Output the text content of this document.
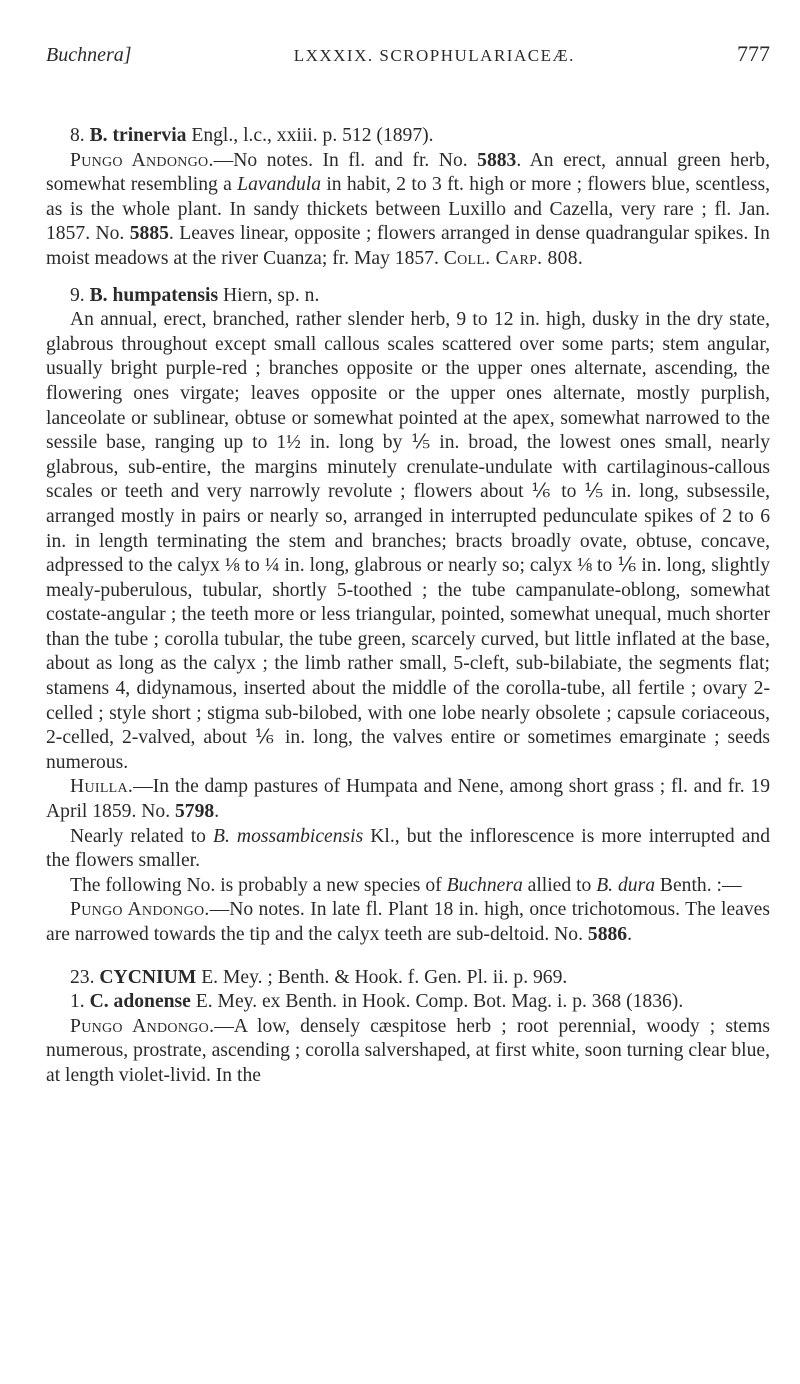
Buchnera]	LXXXIX. SCROPHULARIACEÆ.	777

8. B. trinervia Engl., l.c., xxiii. p. 512 (1897).

Pungo Andongo.—No notes. In fl. and fr. No. 5883. An erect, annual green herb, somewhat resembling a Lavandula in habit, 2 to 3 ft. high or more ; flowers blue, scentless, as is the whole plant. In sandy thickets between Luxillo and Cazella, very rare ; fl. Jan. 1857. No. 5885. Leaves linear, opposite ; flowers arranged in dense quadrangular spikes. In moist meadows at the river Cuanza; fr. May 1857. Coll. Carp. 808.

9. B. humpatensis Hiern, sp. n.

An annual, erect, branched, rather slender herb, 9 to 12 in. high, dusky in the dry state, glabrous throughout except small callous scales scattered over some parts; stem angular, usually bright purple-red ; branches opposite or the upper ones alternate, ascending, the flowering ones virgate; leaves opposite or the upper ones alternate, mostly purplish, lanceolate or sublinear, obtuse or somewhat pointed at the apex, somewhat narrowed to the sessile base, ranging up to 1½ in. long by ⅕ in. broad, the lowest ones small, nearly glabrous, sub-entire, the margins minutely crenulate-undulate with cartilaginous-callous scales or teeth and very narrowly revolute ; flowers about ⅙ to ⅕ in. long, subsessile, arranged mostly in pairs or nearly so, arranged in interrupted pedunculate spikes of 2 to 6 in. in length terminating the stem and branches; bracts broadly ovate, obtuse, concave, adpressed to the calyx ⅛ to ¼ in. long, glabrous or nearly so; calyx ⅛ to ⅙ in. long, slightly mealy-puberulous, tubular, shortly 5-toothed ; the tube campanulate-oblong, somewhat costate-angular ; the teeth more or less triangular, pointed, somewhat unequal, much shorter than the tube ; corolla tubular, the tube green, scarcely curved, but little inflated at the base, about as long as the calyx ; the limb rather small, 5-cleft, sub-bilabiate, the segments flat; stamens 4, didynamous, inserted about the middle of the corolla-tube, all fertile ; ovary 2-celled ; style short ; stigma sub-bilobed, with one lobe nearly obsolete ; capsule coriaceous, 2-celled, 2-valved, about ⅙ in. long, the valves entire or sometimes emarginate ; seeds numerous.

Huilla.—In the damp pastures of Humpata and Nene, among short grass ; fl. and fr. 19 April 1859. No. 5798.

Nearly related to B. mossambicensis Kl., but the inflorescence is more interrupted and the flowers smaller.

The following No. is probably a new species of Buchnera allied to B. dura Benth. :—

Pungo Andongo.—No notes. In late fl. Plant 18 in. high, once trichotomous. The leaves are narrowed towards the tip and the calyx teeth are sub-deltoid. No. 5886.

23. CYCNIUM E. Mey. ; Benth. & Hook. f. Gen. Pl. ii. p. 969.

1. C. adonense E. Mey. ex Benth. in Hook. Comp. Bot. Mag. i. p. 368 (1836).

Pungo Andongo.—A low, densely cæspitose herb ; root perennial, woody ; stems numerous, prostrate, ascending ; corolla salvershaped, at first white, soon turning clear blue, at length violet-livid. In the
